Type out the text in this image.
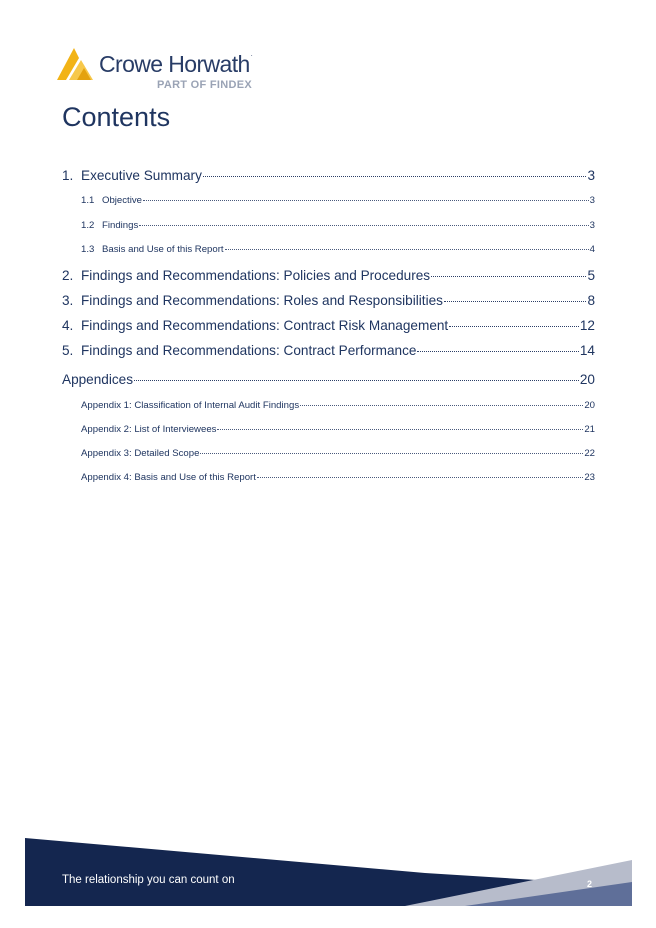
Crowe Horwath.
PART OF FINDEX
Contents
1. Executive Summary	3
1.1 Objective	3
1.2 Findings	3
1.3 Basis and Use of this Report	4
2. Findings and Recommendations: Policies and Procedures	5
3. Findings and Recommendations: Roles and Responsibilities	8
4. Findings and Recommendations: Contract Risk Management	12
5. Findings and Recommendations: Contract Performance	14
Appendices	20
Appendix 1: Classification of Internal Audit Findings	20
Appendix 2: List of Interviewees	21
Appendix 3: Detailed Scope	22
Appendix 4: Basis and Use of this Report	23
The relationship you can count on	2
